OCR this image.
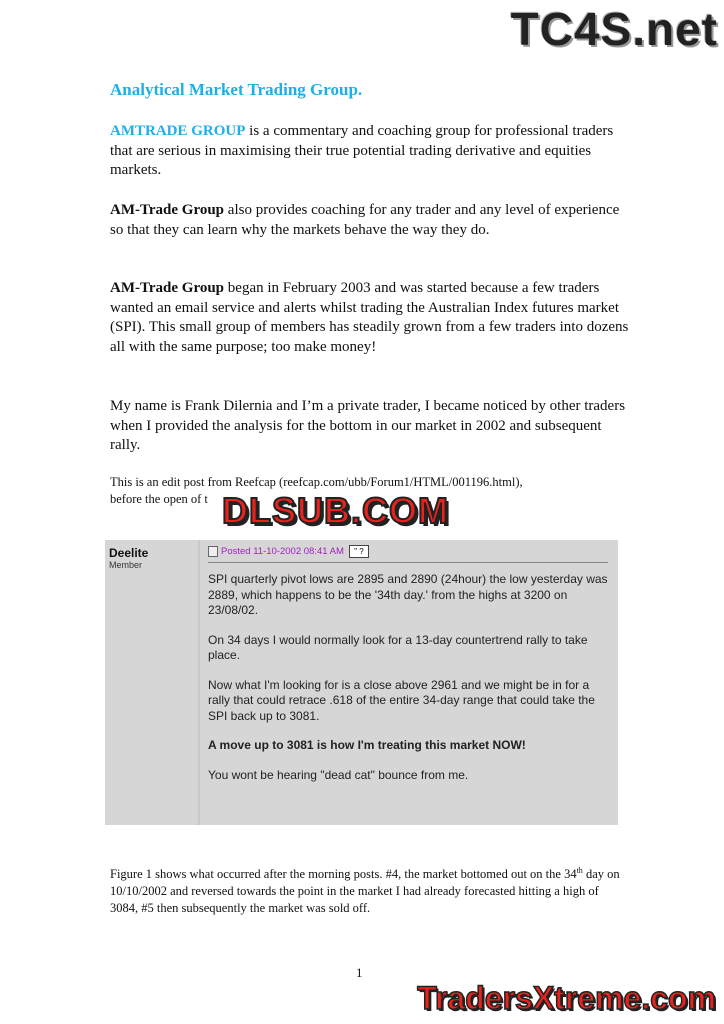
TC4S.net
Analytical Market Trading Group.
AMTRADE GROUP is a commentary and coaching group for professional traders that are serious in maximising their true potential trading derivative and equities markets.
AM-Trade Group also provides coaching for any trader and any level of experience so that they can learn why the markets behave the way they do.
AM-Trade Group began in February 2003 and was started because a few traders wanted an email service and alerts whilst trading the Australian Index futures market (SPI). This small group of members has steadily grown from a few traders into dozens all with the same purpose; too make money!
My name is Frank Dilernia and I’m a private trader, I became noticed by other traders when I provided the analysis for the bottom in our market in 2002 and subsequent rally.
This is an edit post from Reefcap (reefcap.com/ubb/Forum1/HTML/001196.html),
before the open of t DLSUB.COM
Deelite
Member
Posted 11-10-2002 08:41 AM	" ?

SPI quarterly pivot lows are 2895 and 2890 (24hour) the low yesterday was 2889, which happens to be the '34th day.' from the highs at 3200 on 23/08/02.

On 34 days I would normally look for a 13-day countertrend rally to take place.

Now what I'm looking for is a close above 2961 and we might be in for a rally that could retrace .618 of the entire 34-day range that could take the SPI back up to 3081.

A move up to 3081 is how I'm treating this market NOW!

You wont be hearing "dead cat" bounce from me.

Figure 1 shows what occurred after the morning posts. #4, the market bottomed out on the 34th day on 10/10/2002 and reversed towards the point in the market I had already forecasted hitting a high of 3084, #5 then subsequently the market was sold off.
1
TradersXtreme.com
